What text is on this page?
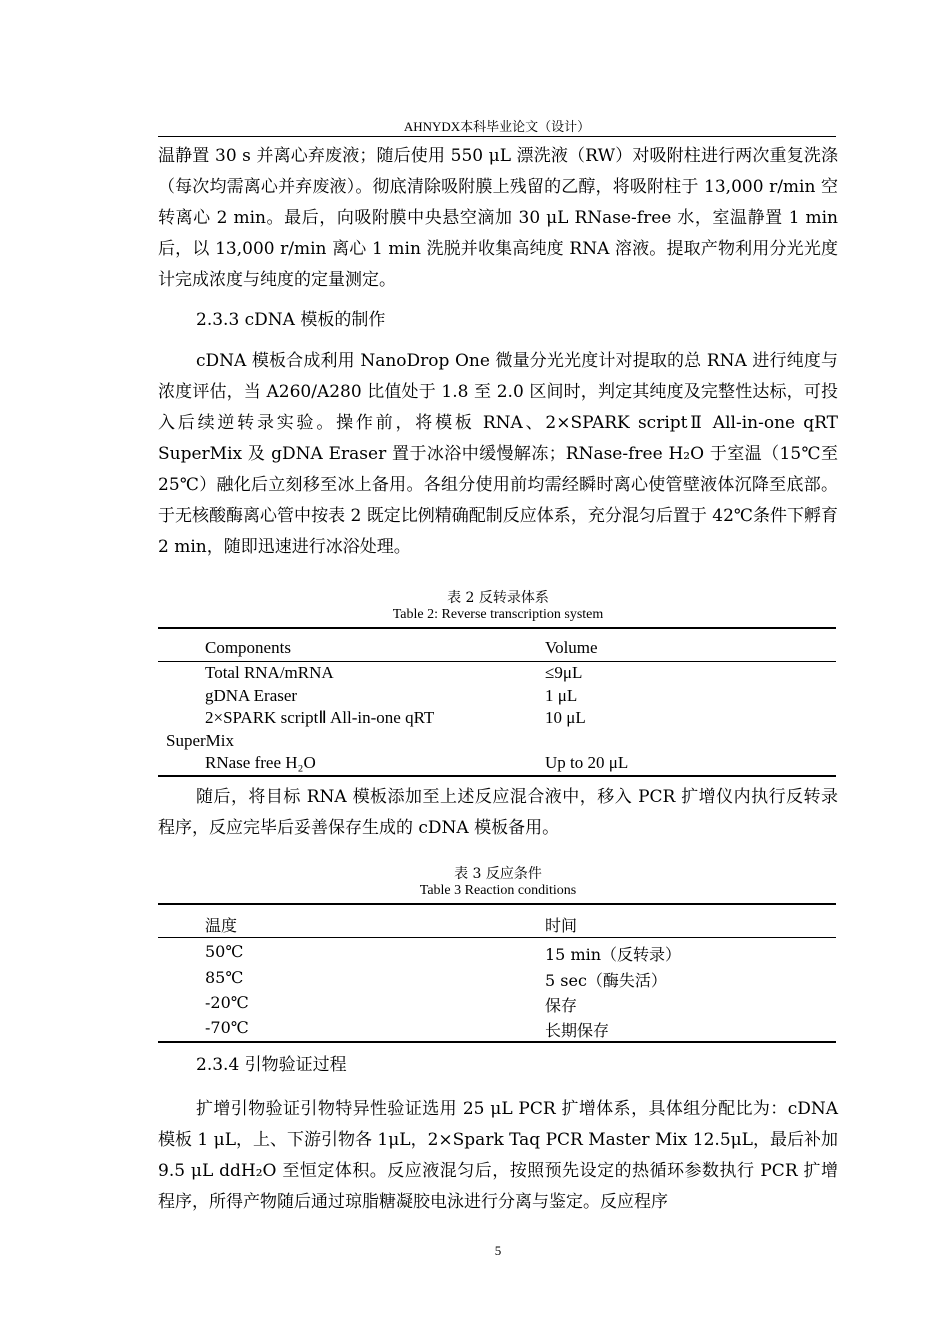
AHNYDX本科毕业论文（设计）

温静置 30 s 并离心弃废液；随后使用 550 μL 漂洗液（RW）对吸附柱进行两次重复洗涤（每次均需离心并弃废液）。彻底清除吸附膜上残留的乙醇，将吸附柱于 13,000 r/min 空转离心 2 min。最后，向吸附膜中央悬空滴加 30 μL RNase-free 水，室温静置 1 min 后，以 13,000 r/min 离心 1 min 洗脱并收集高纯度 RNA 溶液。提取产物利用分光光度计完成浓度与纯度的定量测定。

2.3.3 cDNA 模板的制作

cDNA 模板合成利用 NanoDrop One 微量分光光度计对提取的总 RNA 进行纯度与浓度评估，当 A260/A280 比值处于 1.8 至 2.0 区间时，判定其纯度及完整性达标，可投入后续逆转录实验。操作前，将模板 RNA、2×SPARK scriptⅡ All-in-one qRT SuperMix 及 gDNA Eraser 置于冰浴中缓慢解冻；RNase-free H₂O 于室温（15℃至 25℃）融化后立刻移至冰上备用。各组分使用前均需经瞬时离心使管壁液体沉降至底部。于无核酸酶离心管中按表 2 既定比例精确配制反应体系，充分混匀后置于 42℃条件下孵育 2 min，随即迅速进行冰浴处理。

表 2 反转录体系
Table 2: Reverse transcription system
Components	Volume
Total RNA/mRNA	≤9μL
gDNA Eraser	1 μL
2×SPARK scriptⅡ All-in-one qRT	10 μL
SuperMix
RNase free H₂O	Up to 20 μL

随后，将目标 RNA 模板添加至上述反应混合液中，移入 PCR 扩增仪内执行反转录程序，反应完毕后妥善保存生成的 cDNA 模板备用。

表 3 反应条件
Table 3 Reaction conditions
温度	时间
50℃	15 min（反转录）
85℃	5 sec（酶失活）
-20℃	保存
-70℃	长期保存
2.3.4 引物验证过程

扩增引物验证引物特异性验证选用 25 μL PCR 扩增体系，具体组分配比为：cDNA 模板 1 μL，上、下游引物各 1μL，2×Spark Taq PCR Master Mix 12.5μL，最后补加 9.5 μL ddH₂O 至恒定体积。反应液混匀后，按照预先设定的热循环参数执行 PCR 扩增程序，所得产物随后通过琼脂糖凝胶电泳进行分离与鉴定。反应程序

5
